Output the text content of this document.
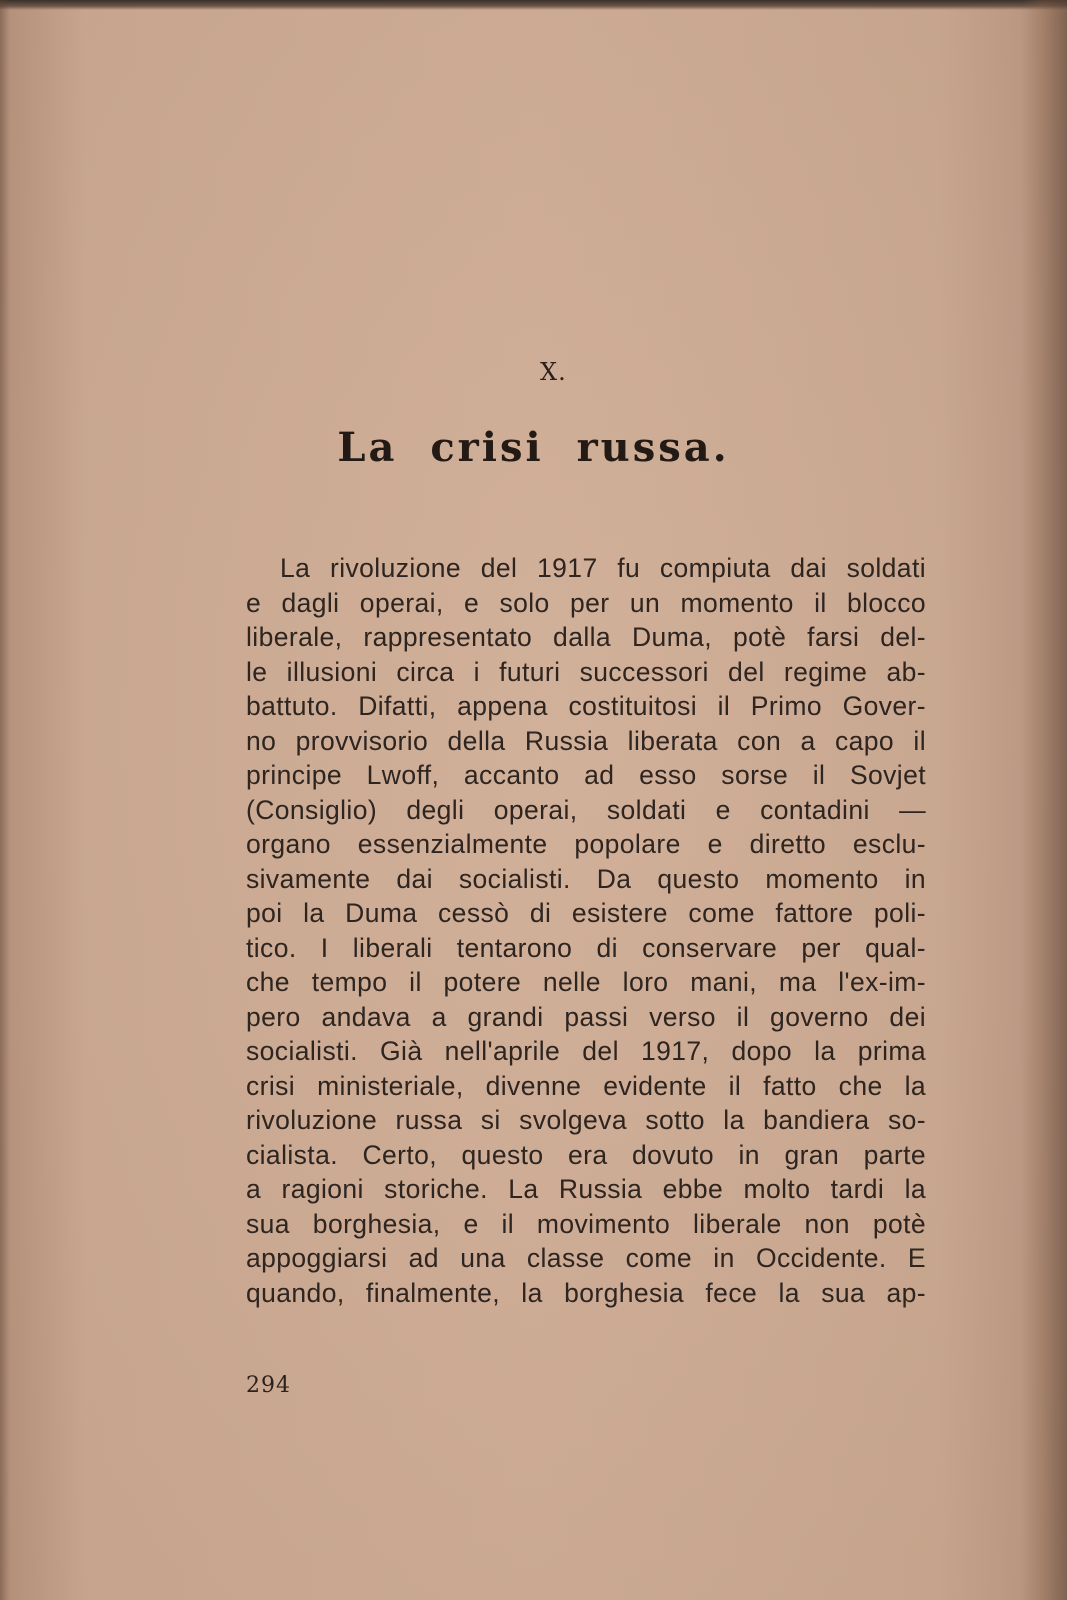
X.
La crisi russa.
La rivoluzione del 1917 fu compiuta dai soldati
e dagli operai, e solo per un momento il blocco
liberale, rappresentato dalla Duma, potè farsi del-
le illusioni circa i futuri successori del regime ab-
battuto. Difatti, appena costituitosi il Primo Gover-
no provvisorio della Russia liberata con a capo il
principe Lwoff, accanto ad esso sorse il Sovjet
(Consiglio) degli operai, soldati e contadini —
organo essenzialmente popolare e diretto esclu-
sivamente dai socialisti. Da questo momento in
poi la Duma cessò di esistere come fattore poli-
tico. I liberali tentarono di conservare per qual-
che tempo il potere nelle loro mani, ma l'ex-im-
pero andava a grandi passi verso il governo dei
socialisti. Già nell'aprile del 1917, dopo la prima
crisi ministeriale, divenne evidente il fatto che la
rivoluzione russa si svolgeva sotto la bandiera so-
cialista. Certo, questo era dovuto in gran parte
a ragioni storiche. La Russia ebbe molto tardi la
sua borghesia, e il movimento liberale non potè
appoggiarsi ad una classe come in Occidente. E
quando, finalmente, la borghesia fece la sua ap-
294
